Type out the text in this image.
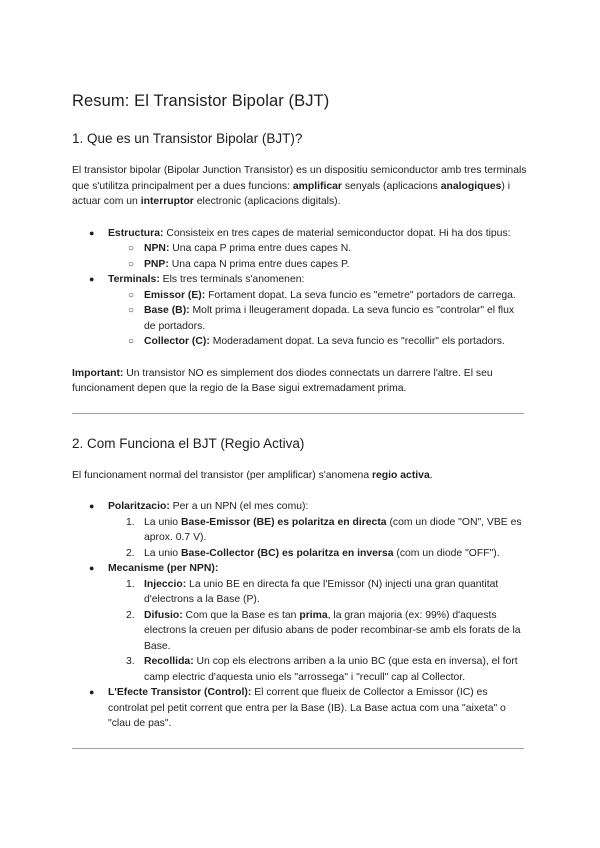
Resum: El Transistor Bipolar (BJT)
1. Que es un Transistor Bipolar (BJT)?

El transistor bipolar (Bipolar Junction Transistor) es un dispositiu semiconductor amb tres terminals que s'utilitza principalment per a dues funcions: amplificar senyals (aplicacions analogiques) i actuar com un interruptor electronic (aplicacions digitals).

● Estructura: Consisteix en tres capes de material semiconductor dopat. Hi ha dos tipus:
○ NPN: Una capa P prima entre dues capes N.
○ PNP: Una capa N prima entre dues capes P.
● Terminals: Els tres terminals s'anomenen:
○ Emissor (E): Fortament dopat. La seva funcio es "emetre" portadors de carrega.
○ Base (B): Molt prima i lleugerament dopada. La seva funcio es "controlar" el flux de portadors.
○ Collector (C): Moderadament dopat. La seva funcio es "recollir" els portadors.

Important: Un transistor NO es simplement dos diodes connectats un darrere l'altre. El seu funcionament depen que la regio de la Base sigui extremadament prima.

2. Com Funciona el BJT (Regio Activa)

El funcionament normal del transistor (per amplificar) s'anomena regio activa.

● Polaritzacio: Per a un NPN (el mes comu):
1. La unio Base-Emissor (BE) es polaritza en directa (com un diode "ON", VBE es aprox. 0.7 V).
2. La unio Base-Collector (BC) es polaritza en inversa (com un diode "OFF").
● Mecanisme (per NPN):
1. Injeccio: La unio BE en directa fa que l'Emissor (N) injecti una gran quantitat d'electrons a la Base (P).
2. Difusio: Com que la Base es tan prima, la gran majoria (ex: 99%) d'aquests electrons la creuen per difusio abans de poder recombinar-se amb els forats de la Base.
3. Recollida: Un cop els electrons arriben a la unio BC (que esta en inversa), el fort camp electric d'aquesta unio els "arrossega" i "recull" cap al Collector.
● L'Efecte Transistor (Control): El corrent que flueix de Collector a Emissor (IC) es controlat pel petit corrent que entra per la Base (IB). La Base actua com una "aixeta" o "clau de pas".
